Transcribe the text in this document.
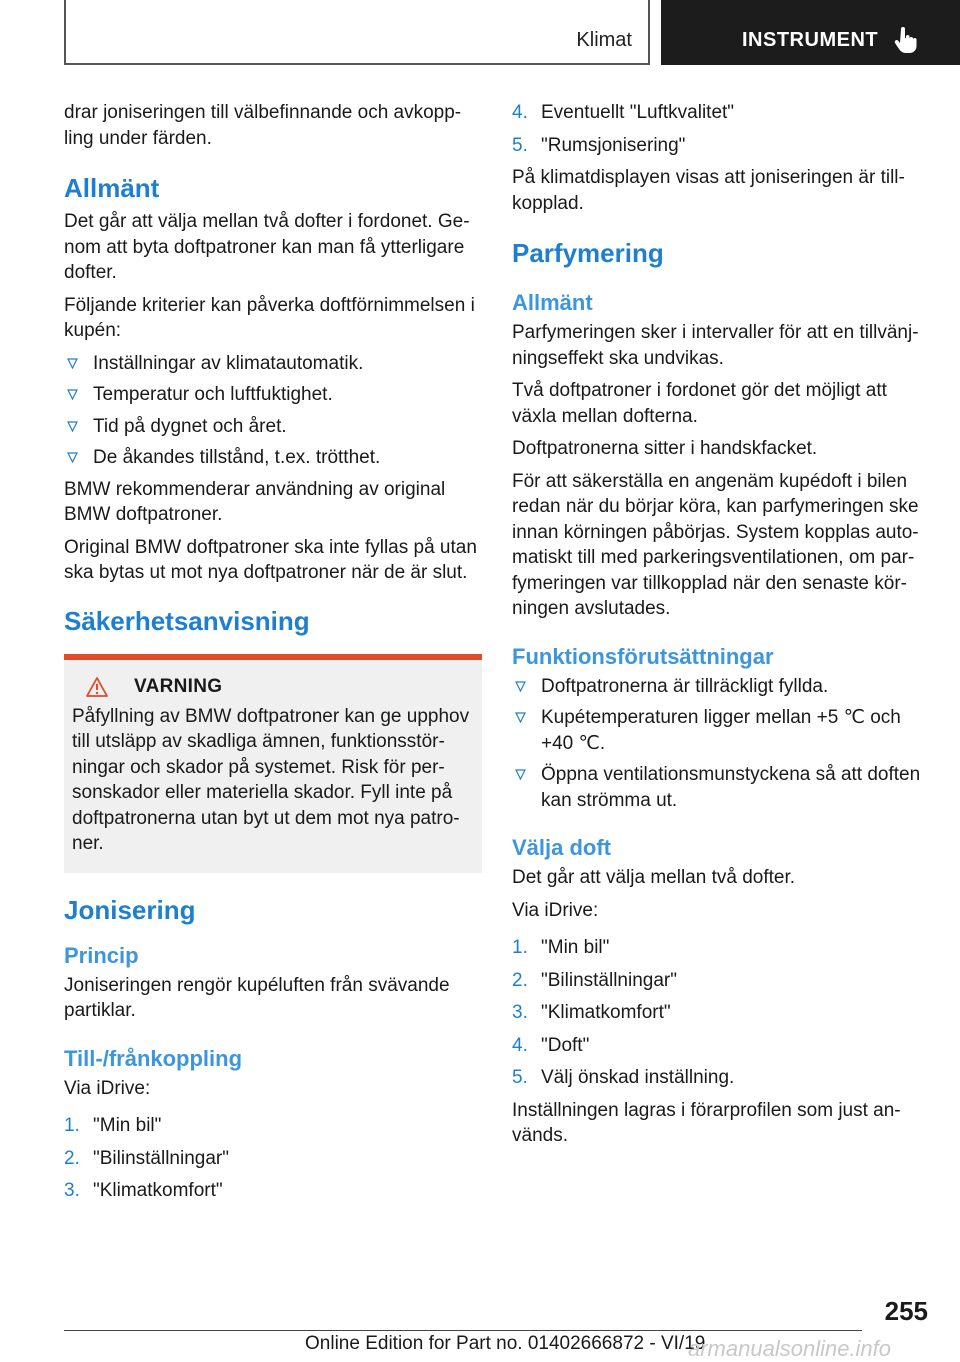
Klimat	INSTRUMENT

drar joniseringen till välbefinnande och avkopp-ling under färden.

Allmänt

Det går att välja mellan två dofter i fordonet. Ge-nom att byta doftpatroner kan man få ytterligare dofter.

Följande kriterier kan påverka doftförnimmelsen i kupén:

Inställningar av klimatautomatik.
Temperatur och luftfuktighet.
Tid på dygnet och året.
De åkandes tillstånd, t.ex. trötthet.

BMW rekommenderar användning av original BMW doftpatroner.

Original BMW doftpatroner ska inte fyllas på utan ska bytas ut mot nya doftpatroner när de är slut.

Säkerhetsanvisning
VARNING

Påfyllning av BMW doftpatroner kan ge upphov till utsläpp av skadliga ämnen, funktionsstör-ningar och skador på systemet. Risk för per-sonskador eller materiella skador. Fyll inte på doftpatronerna utan byt ut dem mot nya patro-ner.

Jonisering
Princip

Joniseringen rengör kupéluften från svävande partiklar.

Till-/frånkoppling

Via iDrive:

1. "Min bil"
2. "Bilinställningar"
3. "Klimatkomfort"
4. Eventuellt "Luftkvalitet"
5. "Rumsjonisering"

På klimatdisplayen visas att joniseringen är till-kopplad.

Parfymering
Allmänt

Parfymeringen sker i intervaller för att en tillvänj-ningseffekt ska undvikas.

Två doftpatroner i fordonet gör det möjligt att växla mellan dofterna.

Doftpatronerna sitter i handskfacket.

För att säkerställa en angenäm kupédoft i bilen redan när du börjar köra, kan parfymeringen ske innan körningen påbörjas. System kopplas auto-matiskt till med parkeringsventilationen, om par-fymeringen var tillkopplad när den senaste kör-ningen avslutades.

Funktionsförutsättningar
Doftpatronerna är tillräckligt fyllda.
Kupétemperaturen ligger mellan +5 ℃ och +40 ℃.
Öppna ventilationsmunstyckena så att doften kan strömma ut.
Välja doft

Det går att välja mellan två dofter.

Via iDrive:

1. "Min bil"
2. "Bilinställningar"
3. "Klimatkomfort"
4. "Doft"
5. Välj önskad inställning.

Inställningen lagras i förarprofilen som just an-vänds.

255
Online Edition for Part no. 01402666872 - VI/19
armanualsonline.info
